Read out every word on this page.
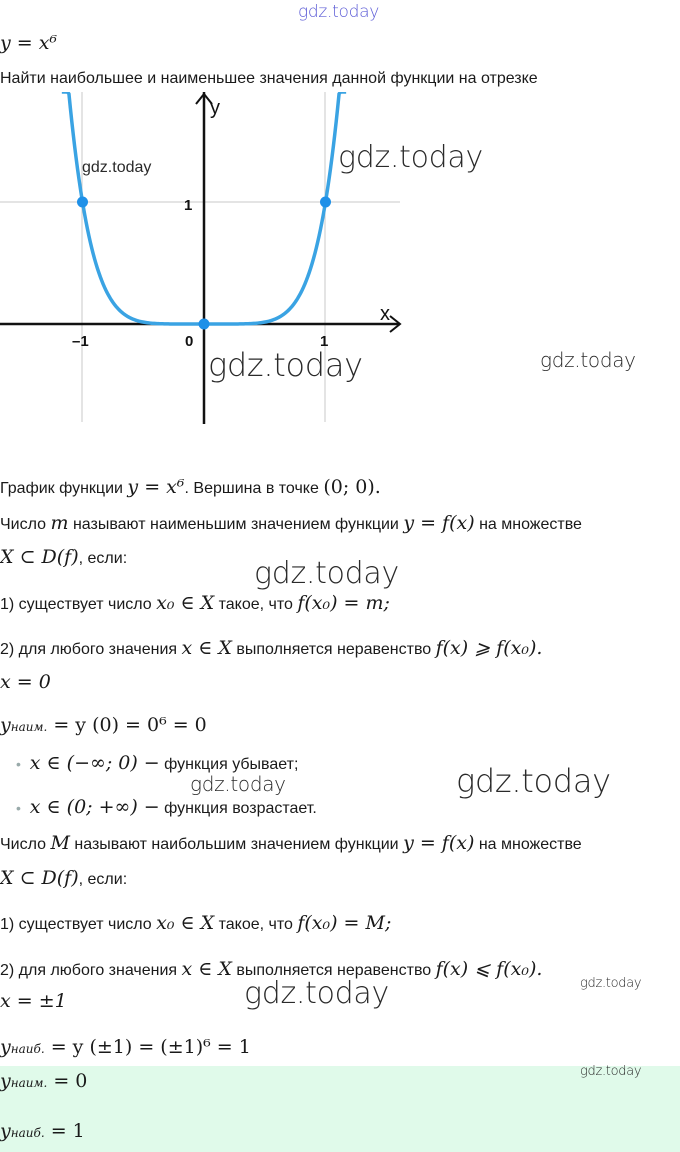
gdz.today
y = x⁶
Найти наибольшее и наименьшее значения данной функции на отрезке
y
x
1
–1	0	1
gdz.today	gdz.today
gdz.today	gdz.today
График функции y = x⁶. Вершина в точке (0; 0).
Число m называют наименьшим значением функции y = f(x) на множестве
X ⊂ D(f), если:	gdz.today
1) существует число x₀ ∈ X такое, что f(x₀) = m;
2) для любого значения x ∈ X выполняется неравенство f(x) ⩾ f(x₀).
x = 0
yнаим. = y (0) = 0⁶ = 0
• x ∈ (−∞; 0) − функция убывает;
gdz.today	gdz.today
• x ∈ (0; +∞) − функция возрастает.
Число M называют наибольшим значением функции y = f(x) на множестве
X ⊂ D(f), если:
1) существует число x₀ ∈ X такое, что f(x₀) = M;
2) для любого значения x ∈ X выполняется неравенство f(x) ⩽ f(x₀).
gdz.today
x = ±1	gdz.today
yнаиб. = y (±1) = (±1)⁶ = 1
gdz.today
yнаим. = 0
yнаиб. = 1
